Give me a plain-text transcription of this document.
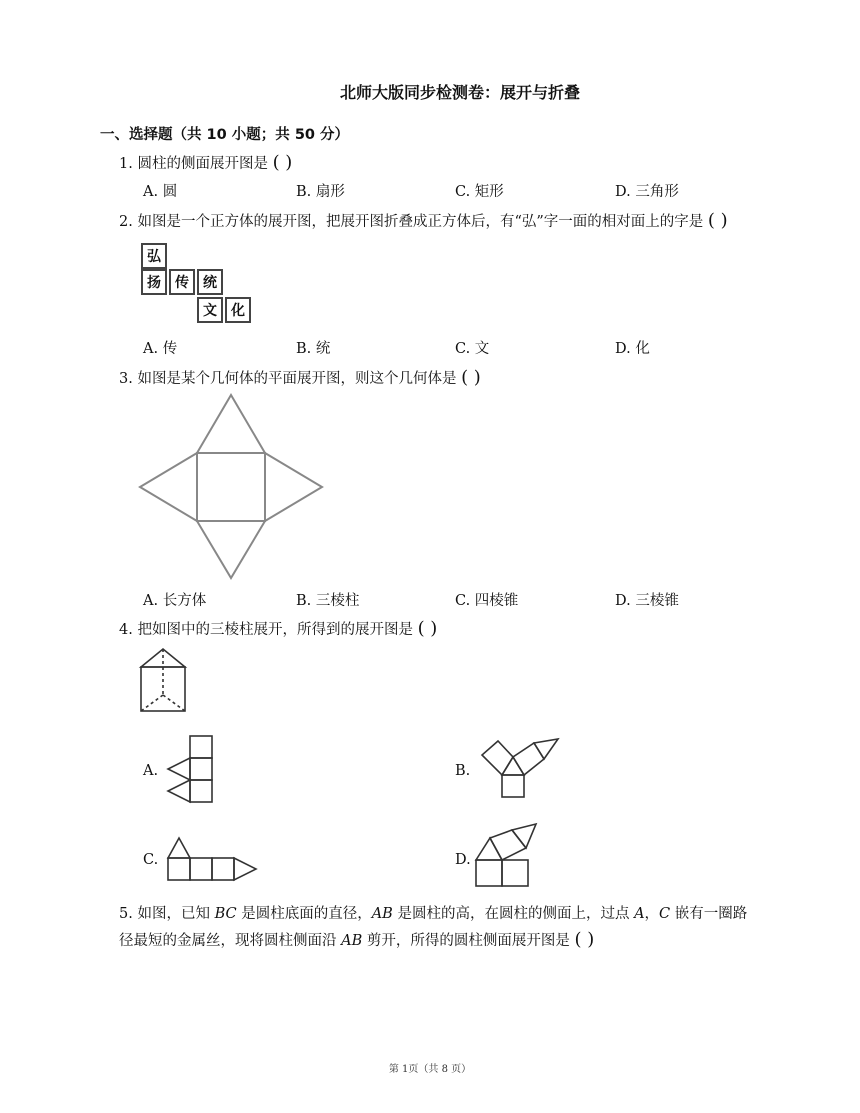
北师大版同步检测卷：展开与折叠
一、选择题（共 10 小题；共 50 分）
1. 圆柱的侧面展开图是 ( )
A. 圆	B. 扇形	C. 矩形	D. 三角形
2. 如图是一个正方体的展开图，把展开图折叠成正方体后，有“弘”字一面的相对面上的字是 ( )
弘
扬	传	统
文	化
A. 传	B. 统	C. 文	D. 化
3. 如图是某个几何体的平面展开图，则这个几何体是 ( )
A. 长方体	B. 三棱柱	C. 四棱锥	D. 三棱锥
4. 把如图中的三棱柱展开，所得到的展开图是 ( )
A.	B.
C.	D.
5. 如图，已知 BC 是圆柱底面的直径，AB 是圆柱的高，在圆柱的侧面上，过点 A，C 嵌有一圈路径最短的金属丝，现将圆柱侧面沿 AB 剪开，所得的圆柱侧面展开图是 ( )
第 1页（共 8 页）
